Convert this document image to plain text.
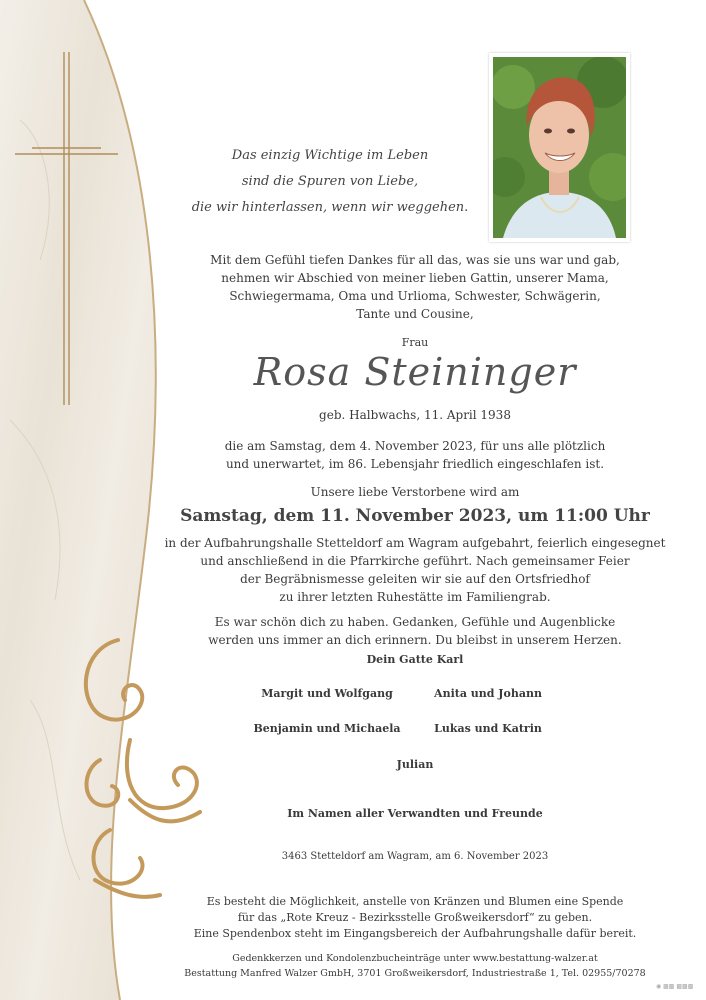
Das einzig Wichtige im Leben
sind die Spuren von Liebe,
die wir hinterlassen, wenn wir weggehen.
Mit dem Gefühl tiefen Dankes für all das, was sie uns war und gab,
nehmen wir Abschied von meiner lieben Gattin, unserer Mama,
Schwiegermama, Oma und Urlioma, Schwester, Schwägerin,
Tante und Cousine,
Frau
Rosa Steininger
geb. Halbwachs, 11. April 1938
die am Samstag, dem 4. November 2023, für uns alle plötzlich
und unerwartet, im 86. Lebensjahr friedlich eingeschlafen ist.
Unsere liebe Verstorbene wird am
Samstag, dem 11. November 2023, um 11:00 Uhr
in der Aufbahrungshalle Stetteldorf am Wagram aufgebahrt, feierlich eingesegnet
und anschließend in die Pfarrkirche geführt. Nach gemeinsamer Feier
der Begräbnismesse geleiten wir sie auf den Ortsfriedhof
zu ihrer letzten Ruhestätte im Familiengrab.
Es war schön dich zu haben. Gedanken, Gefühle und Augenblicke
werden uns immer an dich erinnern. Du bleibst in unserem Herzen.
Dein Gatte Karl
Margit und Wolfgang	Anita und Johann
Benjamin und Michaela	Lukas und Katrin
Julian
Im Namen aller Verwandten und Freunde
3463 Stetteldorf am Wagram, am 6. November 2023
Es besteht die Möglichkeit, anstelle von Kränzen und Blumen eine Spende
für das „Rote Kreuz - Bezirksstelle Großweikersdorf“ zu geben.
Eine Spendenbox steht im Eingangsbereich der Aufbahrungshalle dafür bereit.
Gedenkkerzen und Kondolenzbucheinträge unter www.bestattung-walzer.at
Bestattung Manfred Walzer GmbH, 3701 Großweikersdorf, Industriestraße 1, Tel. 02955/70278
◉ ▩▩ ▩▩▩
